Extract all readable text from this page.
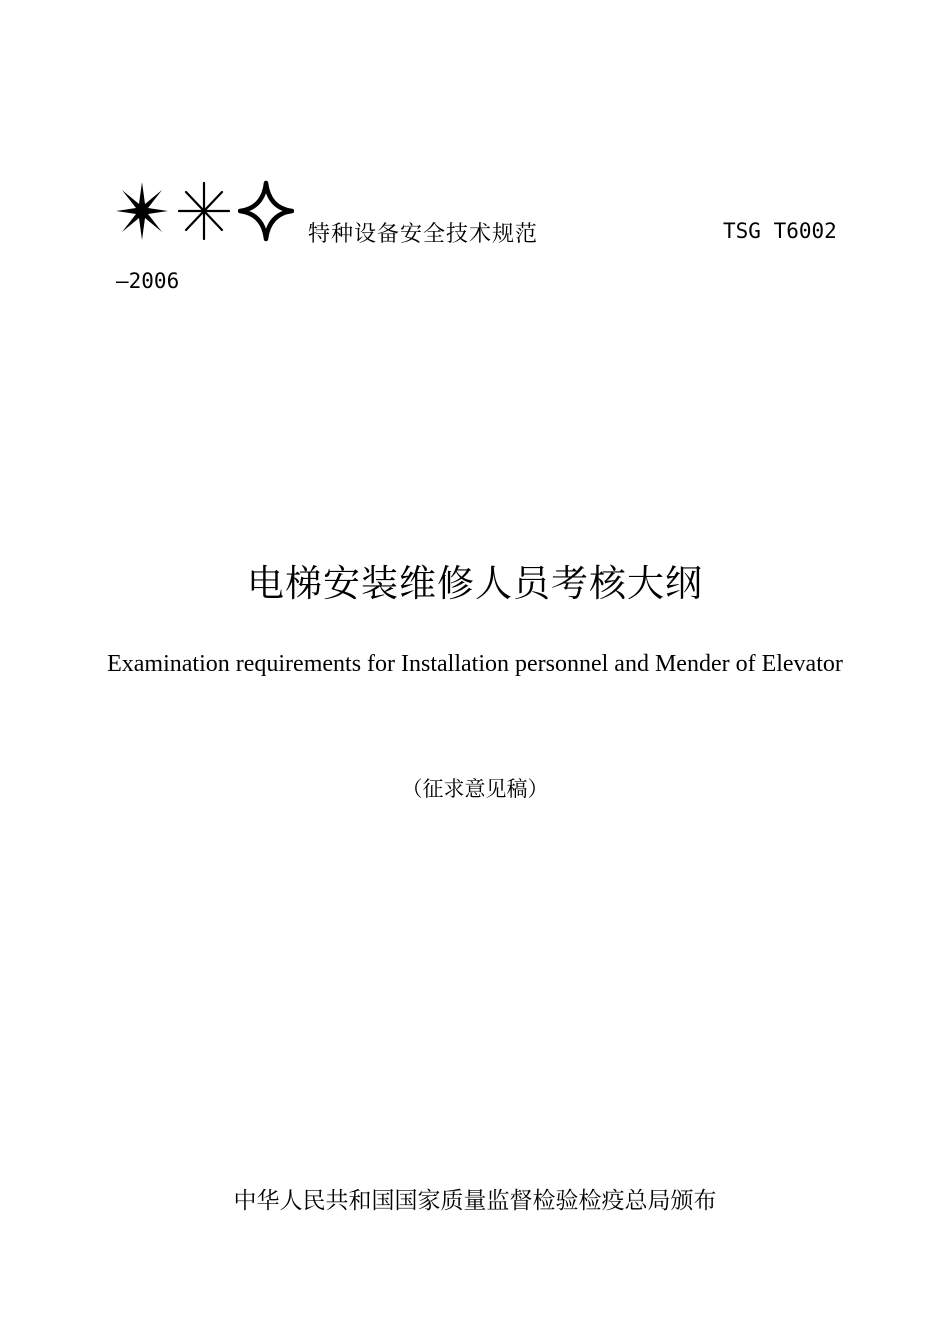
特种设备安全技术规范	TSG T6002
—2006
电梯安装维修人员考核大纲
Examination requirements for Installation personnel and Mender of Elevator
（征求意见稿）
中华人民共和国国家质量监督检验检疫总局颁布
